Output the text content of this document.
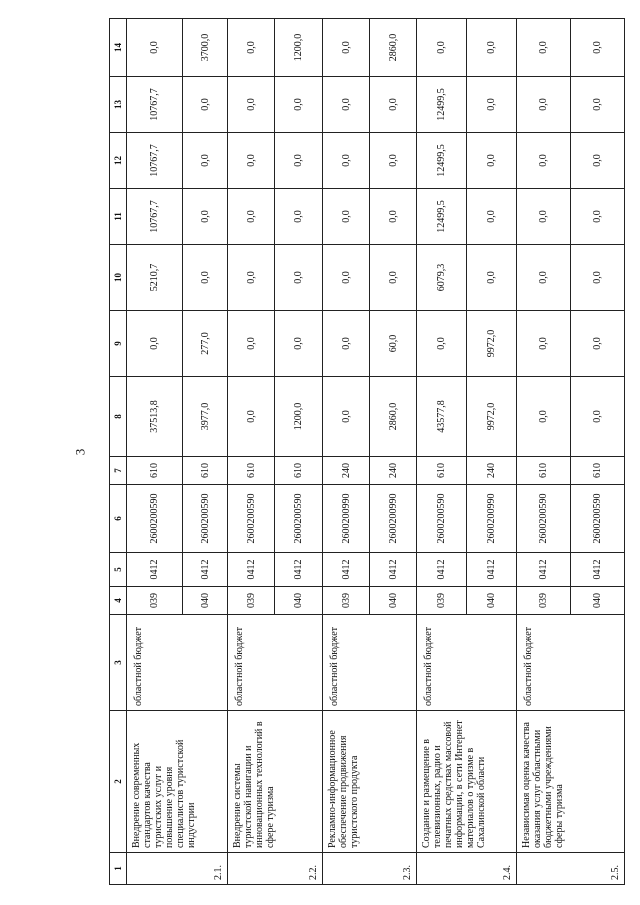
3
1	2	3	4	5	6	7	8	9	10	11	12	13	14
2.1.	Внедрение современных стандартов качества туристских услуг и повышение уровня специалистов туристской индустрии	областной бюджет	039	0412	2600200590	610	37513,8	0,0	5210,7	10767,7	10767,7	10767,7	0,0
			040	0412	2600200590	610	3977,0	277,0	0,0	0,0	0,0	0,0	3700,0
2.2.	Внедрение системы туристской навигации и инновационных технологий в сфере туризма	областной бюджет	039	0412	2600200590	610	0,0	0,0	0,0	0,0	0,0	0,0	0,0
			040	0412	2600200590	610	1200,0	0,0	0,0	0,0	0,0	0,0	1200,0
2.3.	Рекламно-информационное обеспечение продвижения туристского продукта	областной бюджет	039	0412	2600200990	240	0,0	0,0	0,0	0,0	0,0	0,0	0,0
			040	0412	2600200990	240	2860,0	60,0	0,0	0,0	0,0	0,0	2860,0
2.4.	Создание и размещение в телевизионных, радио и печатных средствах массовой информации, в сети Интернет материалов о туризме в Сахалинской области	областной бюджет	039	0412	2600200590	610	43577,8	0,0	6079,3	12499,5	12499,5	12499,5	0,0
			040	0412	2600200990	240	9972,0	9972,0	0,0	0,0	0,0	0,0	0,0
2.5.	Независимая оценка качества оказания услуг областными бюджетными учреждениями сферы туризма	областной бюджет	039	0412	2600200590	610	0,0	0,0	0,0	0,0	0,0	0,0	0,0
			040	0412	2600200590	610	0,0	0,0	0,0	0,0	0,0	0,0	0,0
